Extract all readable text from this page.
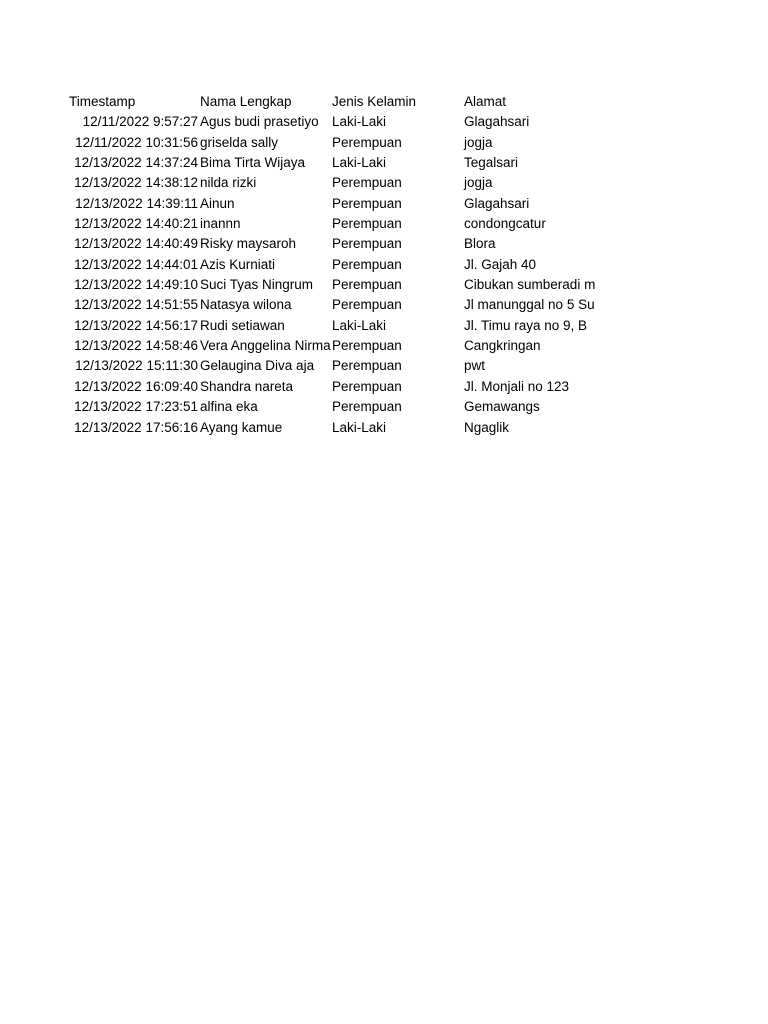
Timestamp	Nama Lengkap	Jenis Kelamin	Alamat
12/11/2022 9:57:27 Agus budi prasetiyo Laki-Laki	Glagahsari
12/11/2022 10:31:56 griselda sally	Perempuan	jogja
12/13/2022 14:37:24 Bima Tirta Wijaya	Laki-Laki	Tegalsari
12/13/2022 14:38:12 nilda rizki	Perempuan	jogja
12/13/2022 14:39:11 Ainun	Perempuan	Glagahsari
12/13/2022 14:40:21 inannn	Perempuan	condongcatur
12/13/2022 14:40:49 Risky maysaroh	Perempuan	Blora
12/13/2022 14:44:01 Azis Kurniati	Perempuan	Jl. Gajah 40
12/13/2022 14:49:10 Suci Tyas Ningrum	Perempuan	Cibukan sumberadi m
12/13/2022 14:51:55 Natasya wilona	Perempuan	Jl manunggal no 5 Su
12/13/2022 14:56:17 Rudi setiawan	Laki-Laki	Jl. Timu raya no 9, B
12/13/2022 14:58:46 Vera Anggelina Nirma Perempuan	Cangkringan
12/13/2022 15:11:30 Gelaugina Diva aja	Perempuan	pwt
12/13/2022 16:09:40 Shandra nareta	Perempuan	Jl. Monjali no 123
12/13/2022 17:23:51 alfina eka	Perempuan	Gemawangs
12/13/2022 17:56:16 Ayang kamue	Laki-Laki	Ngaglik
